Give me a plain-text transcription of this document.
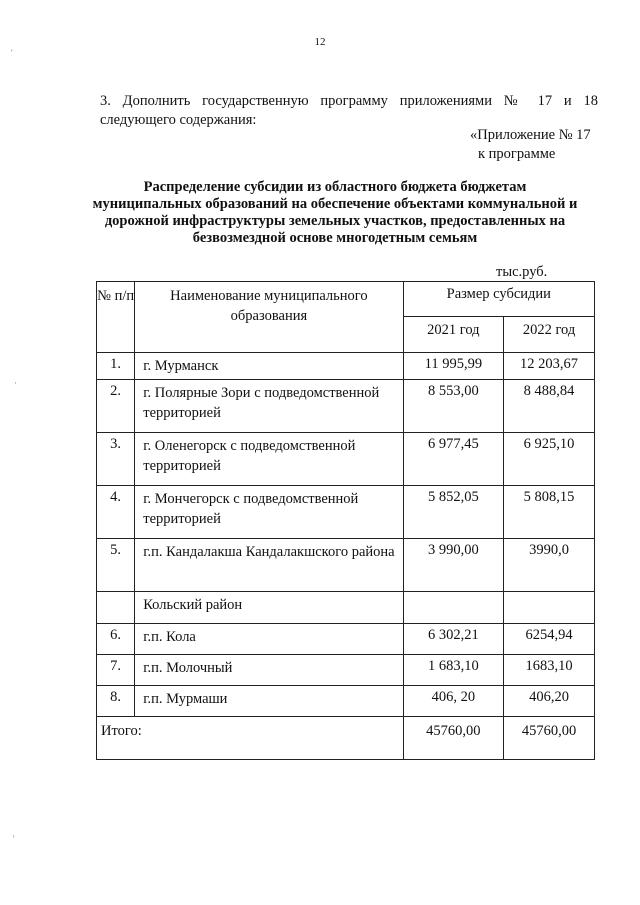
12
3. Дополнить государственную программу приложениями № 17 и 18
следующего содержания:
«Приложение № 17
к программе
Распределение субсидии из областного бюджета бюджетам
муниципальных образований на обеспечение объектами коммунальной и
дорожной инфраструктуры земельных участков, предоставленных на
безвозмездной основе многодетным семьям
тыс.руб.
№ п/п	Наименование муниципального образования	Размер субсидии	
		2021 год	2022 год
1.	г. Мурманск	11 995,99	12 203,67
2.	г. Полярные Зори с подведомственной территорией	8 553,00	8 488,84
3.	г. Оленегорск с подведомственной территорией	6 977,45	6 925,10
4.	г. Мончегорск с подведомственной территорией	5 852,05	5 808,15
5.	г.п. Кандалакша Кандалакшского района	3 990,00	3990,0
	Кольский район		
6.	г.п. Кола	6 302,21	6254,94
7.	г.п. Молочный	1 683,10	1683,10
8.	г.п. Мурмаши	406, 20	406,20
Итого:		45760,00	45760,00
'
·
'
